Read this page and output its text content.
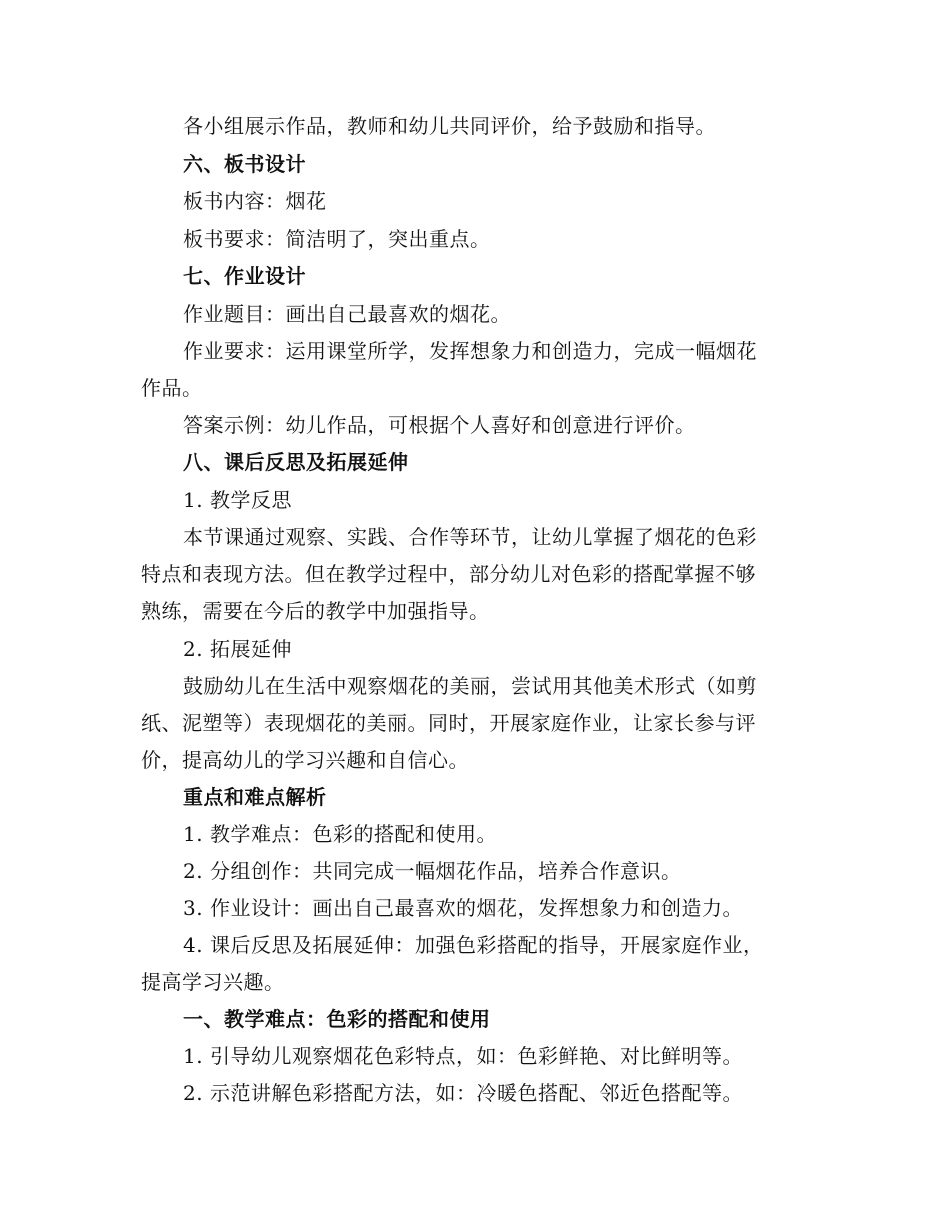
各小组展示作品，教师和幼儿共同评价，给予鼓励和指导。
六、板书设计
板书内容：烟花
板书要求：简洁明了，突出重点。
七、作业设计
作业题目：画出自己最喜欢的烟花。
作业要求：运用课堂所学，发挥想象力和创造力，完成一幅烟花
作品。
答案示例：幼儿作品，可根据个人喜好和创意进行评价。
八、课后反思及拓展延伸
1. 教学反思
本节课通过观察、实践、合作等环节，让幼儿掌握了烟花的色彩
特点和表现方法。但在教学过程中，部分幼儿对色彩的搭配掌握不够
熟练，需要在今后的教学中加强指导。
2. 拓展延伸
鼓励幼儿在生活中观察烟花的美丽，尝试用其他美术形式（如剪
纸、泥塑等）表现烟花的美丽。同时，开展家庭作业，让家长参与评
价，提高幼儿的学习兴趣和自信心。
重点和难点解析
1. 教学难点：色彩的搭配和使用。
2. 分组创作：共同完成一幅烟花作品，培养合作意识。
3. 作业设计：画出自己最喜欢的烟花，发挥想象力和创造力。
4. 课后反思及拓展延伸：加强色彩搭配的指导，开展家庭作业，
提高学习兴趣。
一、教学难点：色彩的搭配和使用
1. 引导幼儿观察烟花色彩特点，如：色彩鲜艳、对比鲜明等。
2. 示范讲解色彩搭配方法，如：冷暖色搭配、邻近色搭配等。
